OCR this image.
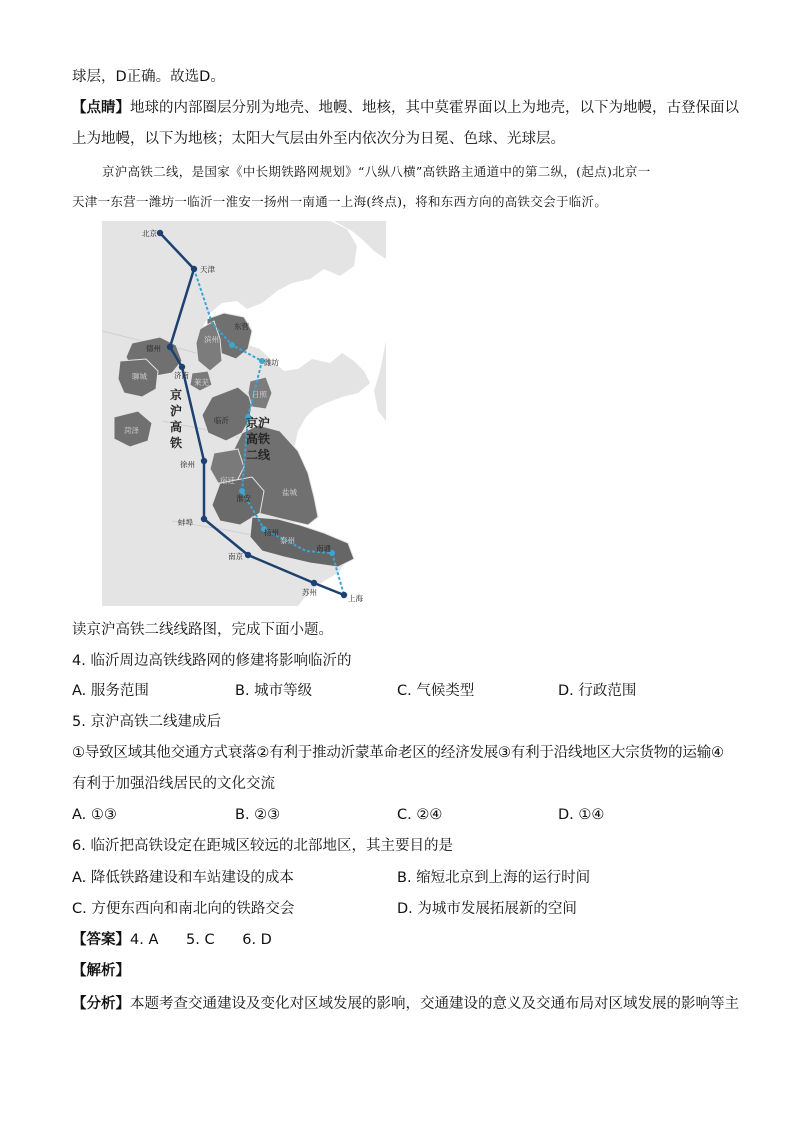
球层，D正确。故选D。
【点睛】地球的内部圈层分别为地壳、地幔、地核，其中莫霍界面以上为地壳，以下为地幔，古登保面以
上为地幔，以下为地核；太阳大气层由外至内依次分为日冕、色球、光球层。
京沪高铁二线，是国家《中长期铁路网规划》“八纵八横”高铁路主通道中的第二纵，(起点)北京一
天津一东营一潍坊一临沂一淮安一扬州一南通一上海(终点)，将和东西方向的高铁交会于临沂。
北京
天津
东营
滨州
德州
济南
莱芜
潍坊
聊城
菏泽
临沂
日照
徐州
宿迁
淮安
盐城
蚌埠
扬州
泰州
南通
南京
苏州
上海
京
沪
高
铁
京沪
高铁
二线
读京沪高铁二线线路图，完成下面小题。
4. 临沂周边高铁线路网的修建将影响临沂的
A. 服务范围	B. 城市等级	C. 气候类型	D. 行政范围
5. 京沪高铁二线建成后
①导致区域其他交通方式衰落②有利于推动沂蒙革命老区的经济发展③有利于沿线地区大宗货物的运输④
有利于加强沿线居民的文化交流
A. ①③	B. ②③	C. ②④	D. ①④
6. 临沂把高铁设定在距城区较远的北部地区，其主要目的是
A. 降低铁路建设和车站建设的成本	B. 缩短北京到上海的运行时间
C. 方便东西向和南北向的铁路交会	D. 为城市发展拓展新的空间
【答案】4. A      5. C      6. D
【解析】
【分析】本题考查交通建设及变化对区域发展的影响，交通建设的意义及交通布局对区域发展的影响等主
